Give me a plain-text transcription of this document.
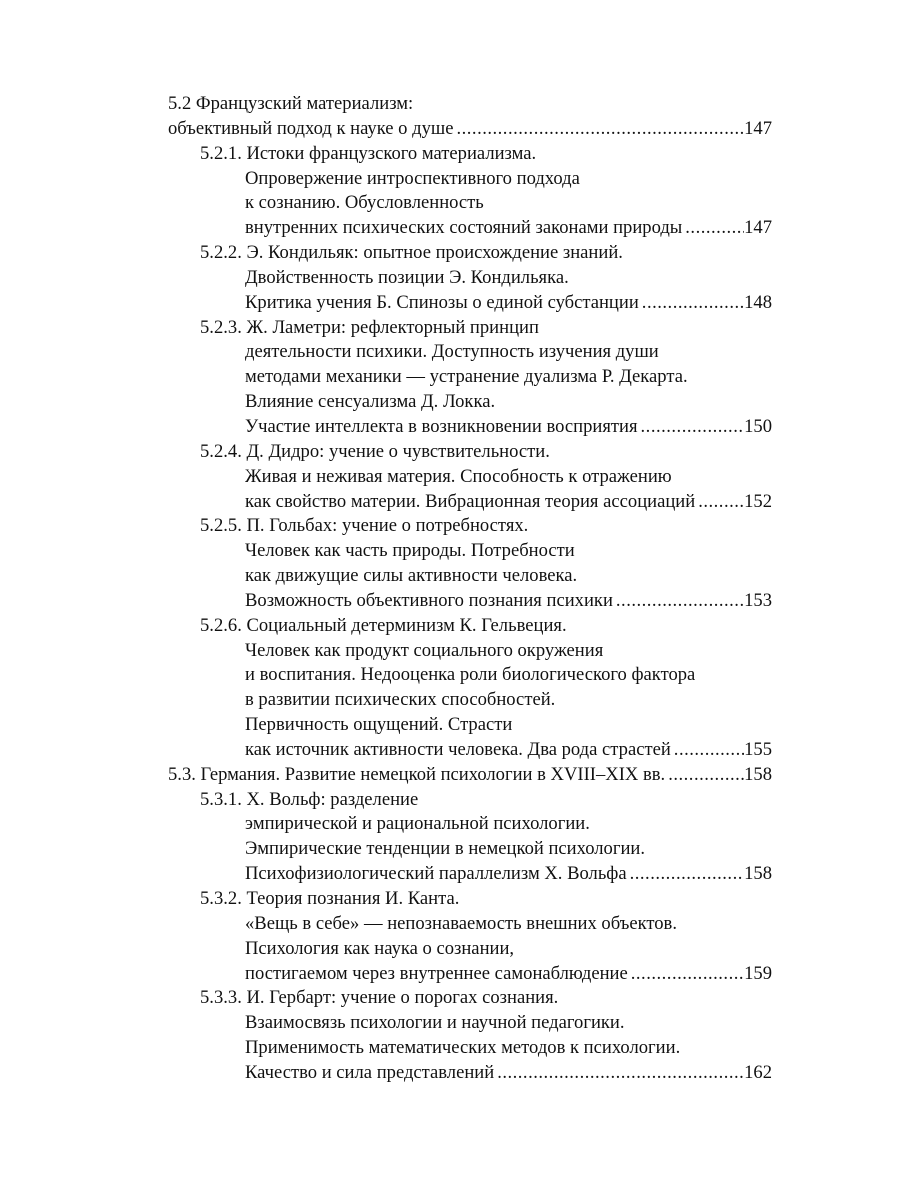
5.2 Французский материализм:
объективный подход к науке о душе .....	147
5.2.1. Истоки французского материализма.
Опровержение интроспективного подхода
к сознанию. Обусловленность
внутренних психических состояний законами природы .....	147
5.2.2. Э. Кондильяк: опытное происхождение знаний.
Двойственность позиции Э. Кондильяка.
Критика учения Б. Спинозы о единой субстанции .....	148
5.2.3. Ж. Ламетри: рефлекторный принцип
деятельности психики. Доступность изучения души
методами механики — устранение дуализма Р. Декарта.
Влияние сенсуализма Д. Локка.
Участие интеллекта в возникновении восприятия .....	150
5.2.4. Д. Дидро: учение о чувствительности.
Живая и неживая материя. Способность к отражению
как свойство материи. Вибрационная теория ассоциаций .....	152
5.2.5. П. Гольбах: учение о потребностях.
Человек как часть природы. Потребности
как движущие силы активности человека.
Возможность объективного познания психики .....	153
5.2.6. Социальный детерминизм К. Гельвеция.
Человек как продукт социального окружения
и воспитания. Недооценка роли биологического фактора
в развитии психических способностей.
Первичность ощущений. Страсти
как источник активности человека. Два рода страстей .....	155
5.3. Германия. Развитие немецкой психологии в XVIII–XIX вв. .....	158
5.3.1. Х. Вольф: разделение
эмпирической и рациональной психологии.
Эмпирические тенденции в немецкой психологии.
Психофизиологический параллелизм Х. Вольфа .....	158
5.3.2. Теория познания И. Канта.
«Вещь в себе» — непознаваемость внешних объектов.
Психология как наука о сознании,
постигаемом через внутреннее самонаблюдение .....	159
5.3.3. И. Гербарт: учение о порогах сознания.
Взаимосвязь психологии и научной педагогики.
Применимость математических методов к психологии.
Качество и сила представлений .....	162
